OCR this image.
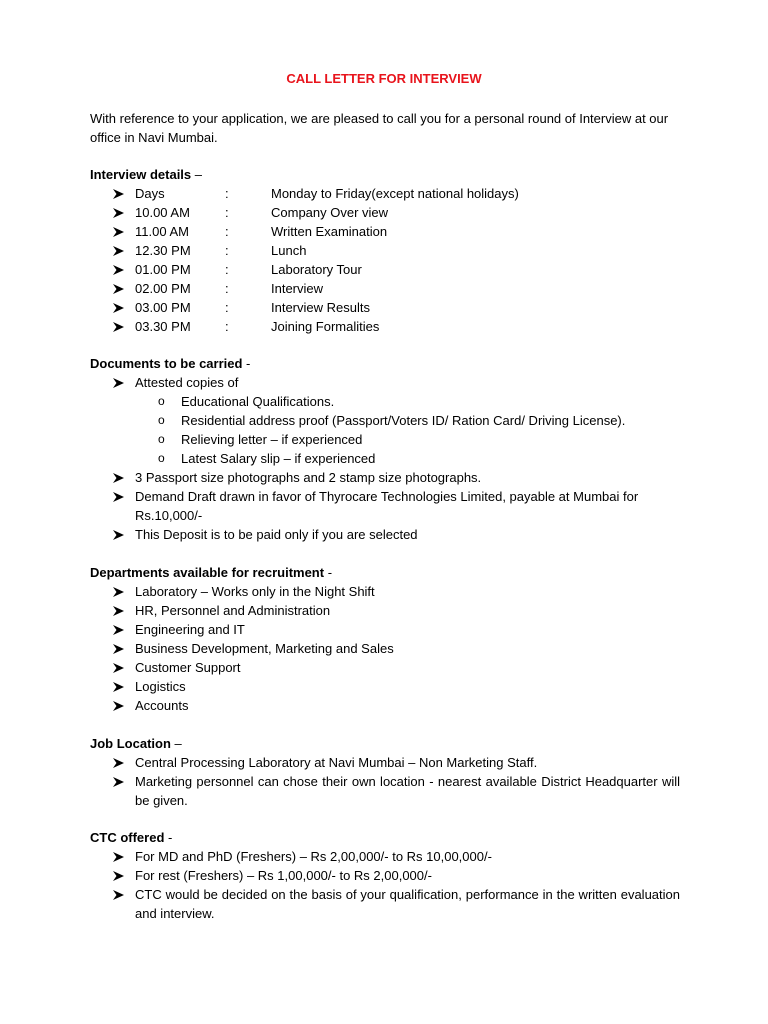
CALL LETTER FOR INTERVIEW
With reference to your application, we are pleased to call you for a personal round of Interview at our office in Navi Mumbai.
Interview details –
Days	:	Monday to Friday(except national holidays)
10.00 AM	:	Company Over view
11.00 AM	:	Written Examination
12.30 PM	:	Lunch
01.00 PM	:	Laboratory Tour
02.00 PM	:	Interview
03.00 PM	:	Interview Results
03.30 PM	:	Joining Formalities
Documents to be carried -
Attested copies of
o	Educational Qualifications.
o	Residential address proof (Passport/Voters ID/ Ration Card/ Driving License).
o	Relieving letter – if experienced
o	Latest Salary slip – if experienced
3 Passport size photographs and 2 stamp size photographs.
Demand Draft drawn in favor of Thyrocare Technologies Limited, payable at Mumbai for Rs.10,000/-
This Deposit is to be paid only if you are selected
Departments available for recruitment -
Laboratory – Works only in the Night Shift
HR, Personnel and Administration
Engineering and IT
Business Development, Marketing and Sales
Customer Support
Logistics
Accounts
Job Location –
Central Processing Laboratory at Navi Mumbai – Non Marketing Staff.
Marketing personnel can chose their own location - nearest available District Headquarter will be given.
CTC offered -
For MD and PhD (Freshers) – Rs 2,00,000/- to Rs 10,00,000/-
For rest (Freshers) – Rs 1,00,000/- to Rs 2,00,000/-
CTC would be decided on the basis of your qualification, performance in the written evaluation and interview.
